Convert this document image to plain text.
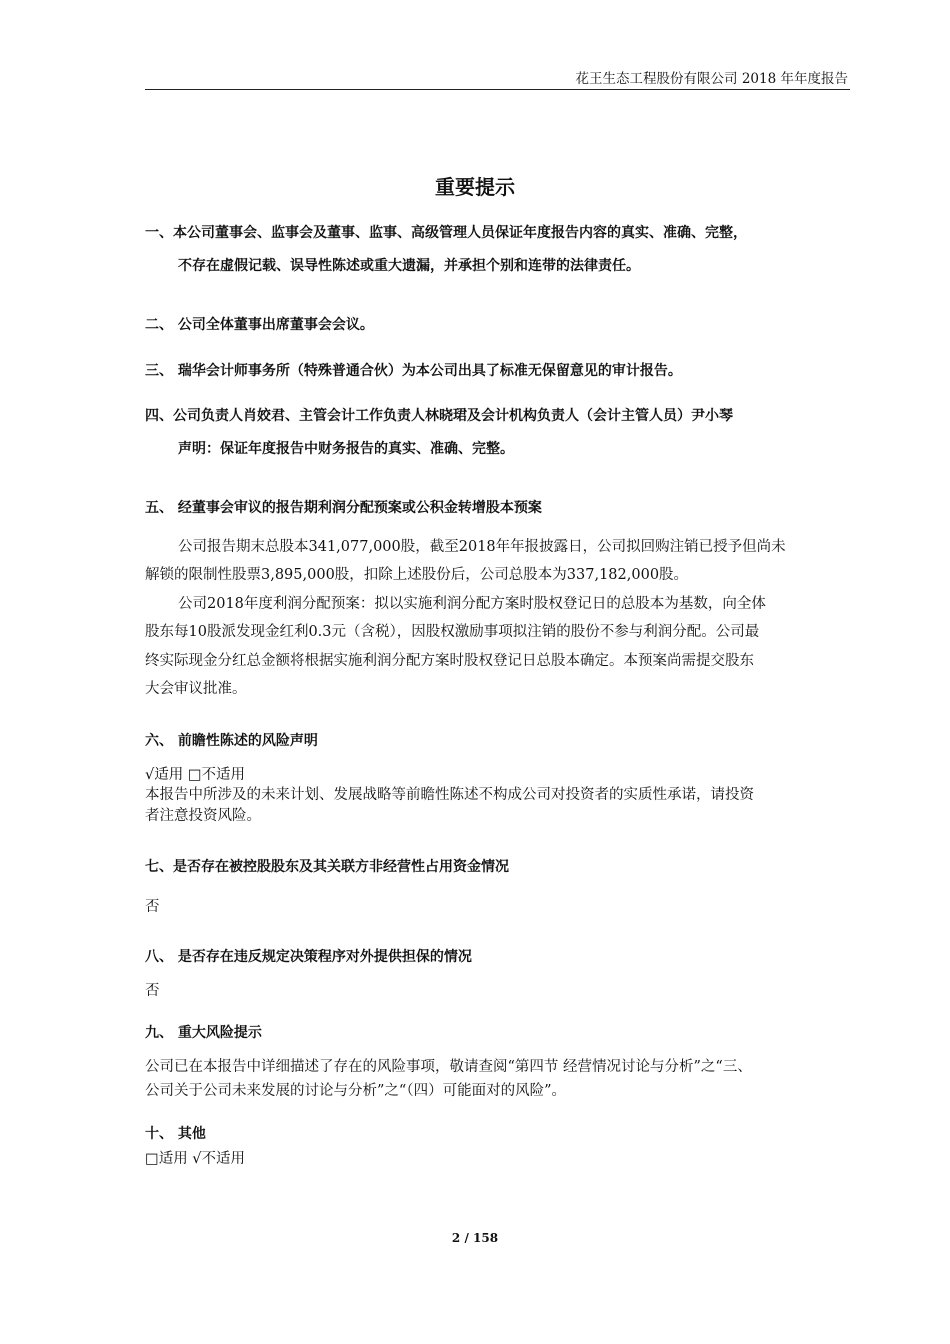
花王生态工程股份有限公司 2018 年年度报告
重要提示
一、本公司董事会、监事会及董事、监事、高级管理人员保证年度报告内容的真实、准确、完整，
不存在虚假记载、误导性陈述或重大遗漏，并承担个别和连带的法律责任。
二、 公司全体董事出席董事会会议。
三、 瑞华会计师事务所（特殊普通合伙）为本公司出具了标准无保留意见的审计报告。
四、公司负责人肖姣君、主管会计工作负责人林晓珺及会计机构负责人（会计主管人员）尹小琴
声明：保证年度报告中财务报告的真实、准确、完整。
五、 经董事会审议的报告期利润分配预案或公积金转增股本预案
公司报告期末总股本341,077,000股，截至2018年年报披露日，公司拟回购注销已授予但尚未
解锁的限制性股票3,895,000股，扣除上述股份后，公司总股本为337,182,000股。
公司2018年度利润分配预案：拟以实施利润分配方案时股权登记日的总股本为基数，向全体
股东每10股派发现金红利0.3元（含税），因股权激励事项拟注销的股份不参与利润分配。公司最
终实际现金分红总金额将根据实施利润分配方案时股权登记日总股本确定。本预案尚需提交股东
大会审议批准。
六、 前瞻性陈述的风险声明
√适用 □不适用
本报告中所涉及的未来计划、发展战略等前瞻性陈述不构成公司对投资者的实质性承诺，请投资
者注意投资风险。
七、是否存在被控股股东及其关联方非经营性占用资金情况
否
八、 是否存在违反规定决策程序对外提供担保的情况
否
九、 重大风险提示
公司已在本报告中详细描述了存在的风险事项，敬请查阅“第四节 经营情况讨论与分析”之“三、
公司关于公司未来发展的讨论与分析”之“（四）可能面对的风险”。
十、 其他
□适用 √不适用
2 / 158
